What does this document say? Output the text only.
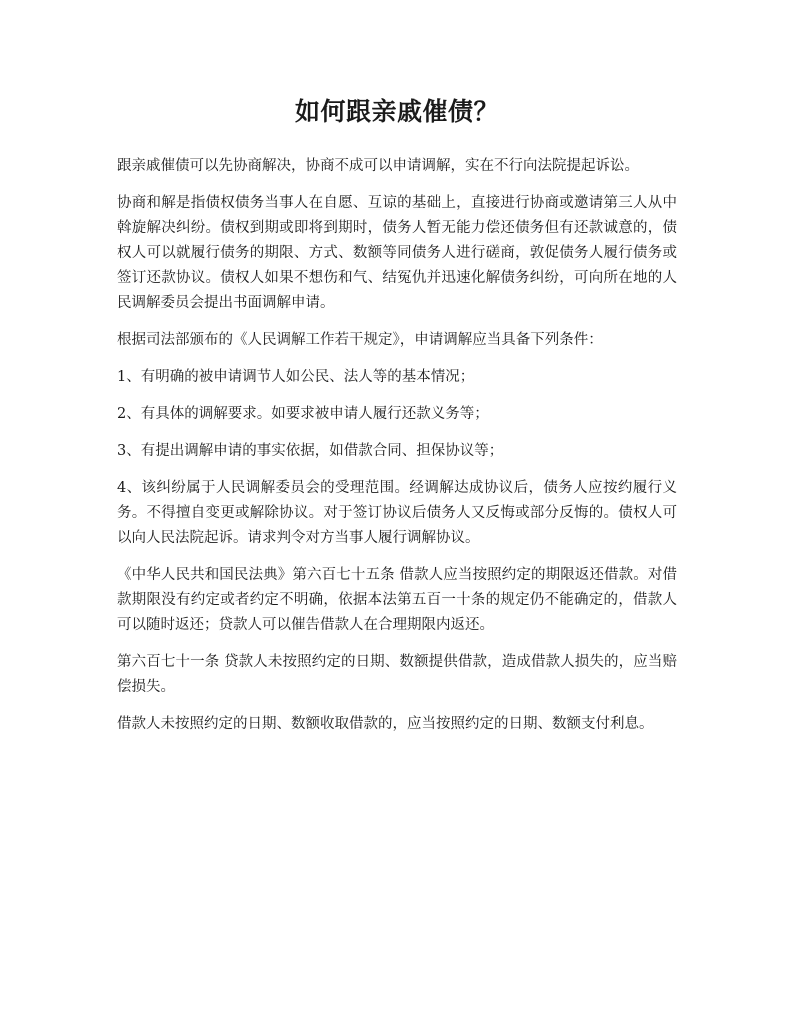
如何跟亲戚催债？

跟亲戚催债可以先协商解决，协商不成可以申请调解，实在不行向法院提起诉讼。

协商和解是指债权债务当事人在自愿、互谅的基础上，直接进行协商或邀请第三人从中斡旋解决纠纷。债权到期或即将到期时，债务人暂无能力偿还债务但有还款诚意的，债权人可以就履行债务的期限、方式、数额等同债务人进行磋商，敦促债务人履行债务或签订还款协议。债权人如果不想伤和气、结冤仇并迅速化解债务纠纷，可向所在地的人民调解委员会提出书面调解申请。

根据司法部颁布的《人民调解工作若干规定》，申请调解应当具备下列条件：

1、有明确的被申请调节人如公民、法人等的基本情况；

2、有具体的调解要求。如要求被申请人履行还款义务等；

3、有提出调解申请的事实依据，如借款合同、担保协议等；

4、该纠纷属于人民调解委员会的受理范围。经调解达成协议后，债务人应按约履行义务。不得擅自变更或解除协议。对于签订协议后债务人又反悔或部分反悔的。债权人可以向人民法院起诉。请求判令对方当事人履行调解协议。

《中华人民共和国民法典》第六百七十五条 借款人应当按照约定的期限返还借款。对借款期限没有约定或者约定不明确，依据本法第五百一十条的规定仍不能确定的，借款人可以随时返还；贷款人可以催告借款人在合理期限内返还。

第六百七十一条 贷款人未按照约定的日期、数额提供借款，造成借款人损失的，应当赔偿损失。

借款人未按照约定的日期、数额收取借款的，应当按照约定的日期、数额支付利息。
